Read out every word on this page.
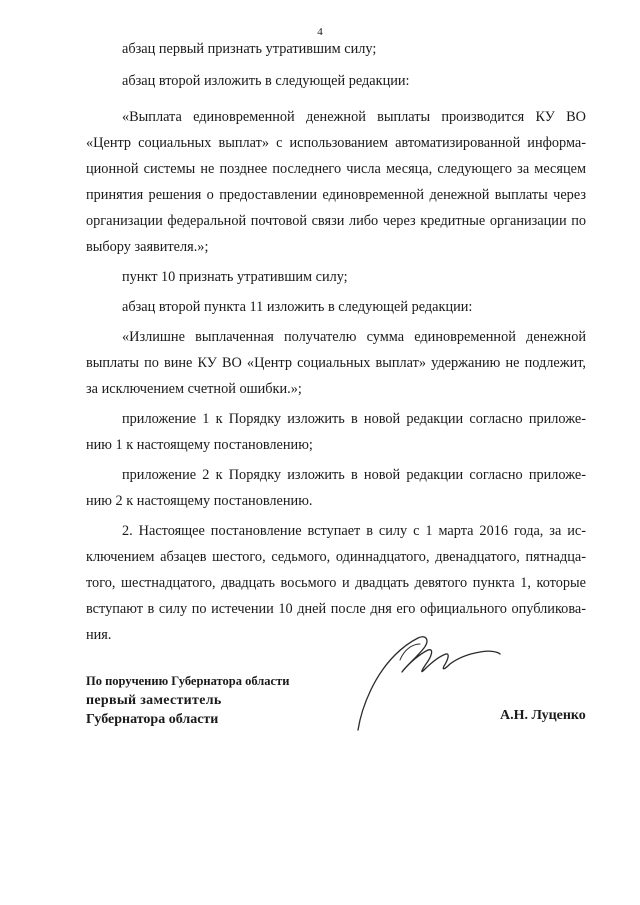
4

абзац первый признать утратившим силу;

абзац второй изложить в следующей редакции:

«Выплата единовременной денежной выплаты производится КУ ВО
«Центр социальных выплат» с использованием автоматизированной информа-
ционной системы не позднее последнего числа месяца, следующего за месяцем
принятия решения о предоставлении единовременной денежной выплаты через
организации федеральной почтовой связи либо через кредитные организации по
выбору заявителя.»;

пункт 10 признать утратившим силу;

абзац второй пункта 11 изложить в следующей редакции:

«Излишне выплаченная получателю сумма единовременной денежной
выплаты по вине КУ ВО «Центр социальных выплат» удержанию не подлежит,
за исключением счетной ошибки.»;
приложение 1 к Порядку изложить в новой редакции согласно приложе-
нию 1 к настоящему постановлению;
приложение 2 к Порядку изложить в новой редакции согласно приложе-
нию 2 к настоящему постановлению.
2. Настоящее постановление вступает в силу с 1 марта 2016 года, за ис-
ключением абзацев шестого, седьмого, одиннадцатого, двенадцатого, пятнадца-
того, шестнадцатого, двадцать восьмого и двадцать девятого пункта 1, которые
вступают в силу по истечении 10 дней после дня его официального опубликова-
ния.
По поручению Губернатора области
первый заместитель
Губернатора области	А.Н. Луценко
